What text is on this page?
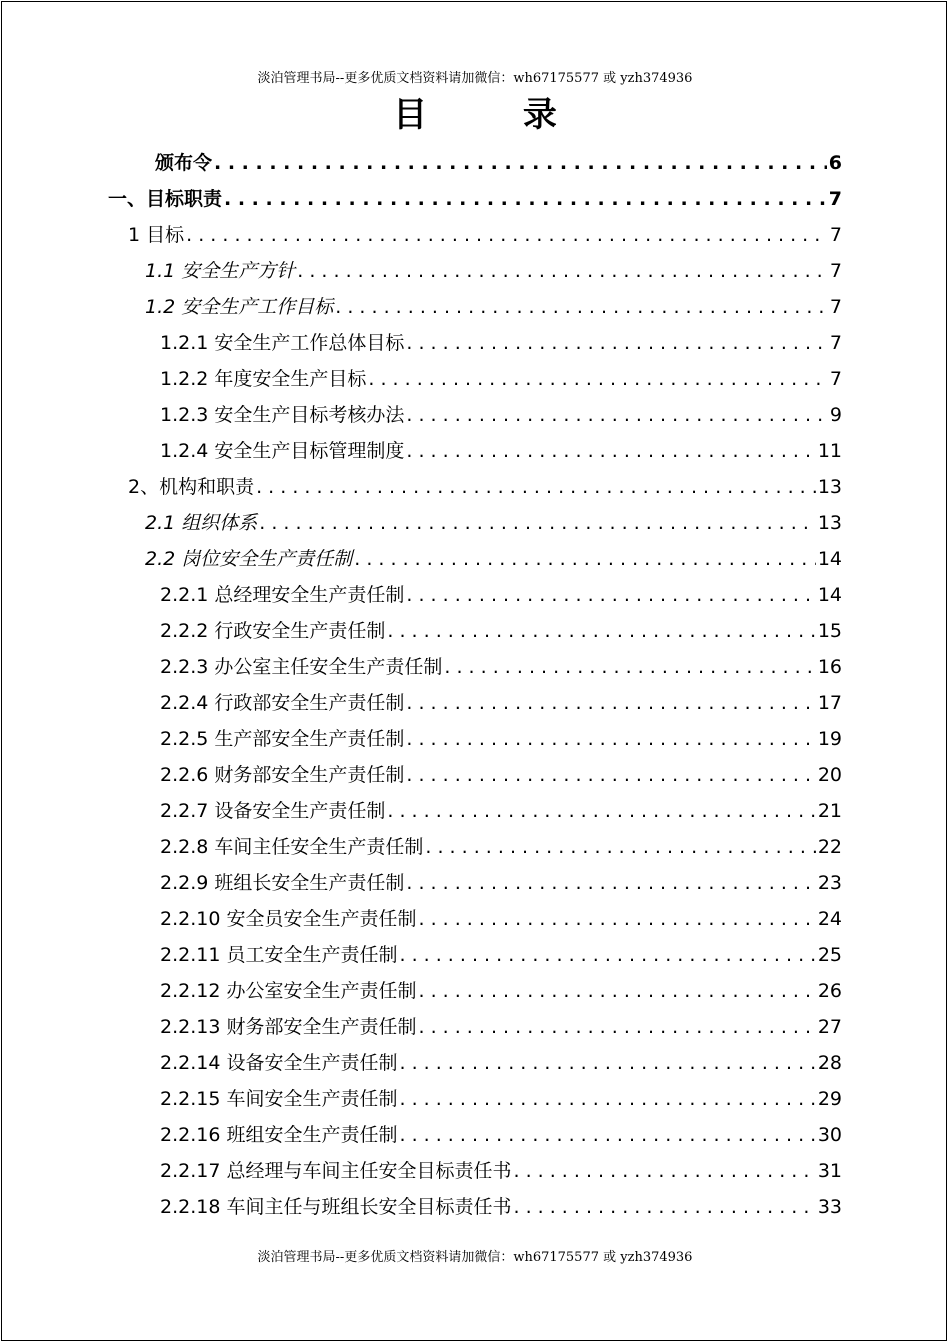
淡泊管理书局--更多优质文档资料请加微信：wh67175577 或 yzh374936
目 录
颁布令 . . .	6
一、目标职责 . . .	7
1 目标 . . .	7
1.1 安全生产方针 . . .	7
1.2 安全生产工作目标 . . .	7
1.2.1 安全生产工作总体目标 . . .	7
1.2.2 年度安全生产目标 . . .	7
1.2.3 安全生产目标考核办法 . . .	9
1.2.4 安全生产目标管理制度 . . .	11
2、机构和职责 . . .	13
2.1 组织体系 . . .	13
2.2 岗位安全生产责任制 . . .	14
2.2.1 总经理安全生产责任制 . . .	14
2.2.2 行政安全生产责任制 . . .	15
2.2.3 办公室主任安全生产责任制 . . .	16
2.2.4 行政部安全生产责任制 . . .	17
2.2.5 生产部安全生产责任制 . . .	19
2.2.6 财务部安全生产责任制 . . .	20
2.2.7 设备安全生产责任制 . . .	21
2.2.8 车间主任安全生产责任制 . . .	22
2.2.9 班组长安全生产责任制 . . .	23
2.2.10 安全员安全生产责任制 . . .	24
2.2.11 员工安全生产责任制 . . .	25
2.2.12 办公室安全生产责任制 . . .	26
2.2.13 财务部安全生产责任制 . . .	27
2.2.14 设备安全生产责任制 . . .	28
2.2.15 车间安全生产责任制 . . .	29
2.2.16 班组安全生产责任制 . . .	30
2.2.17 总经理与车间主任安全目标责任书 . . .	31
2.2.18 车间主任与班组长安全目标责任书 . . .	33
淡泊管理书局--更多优质文档资料请加微信：wh67175577 或 yzh374936
